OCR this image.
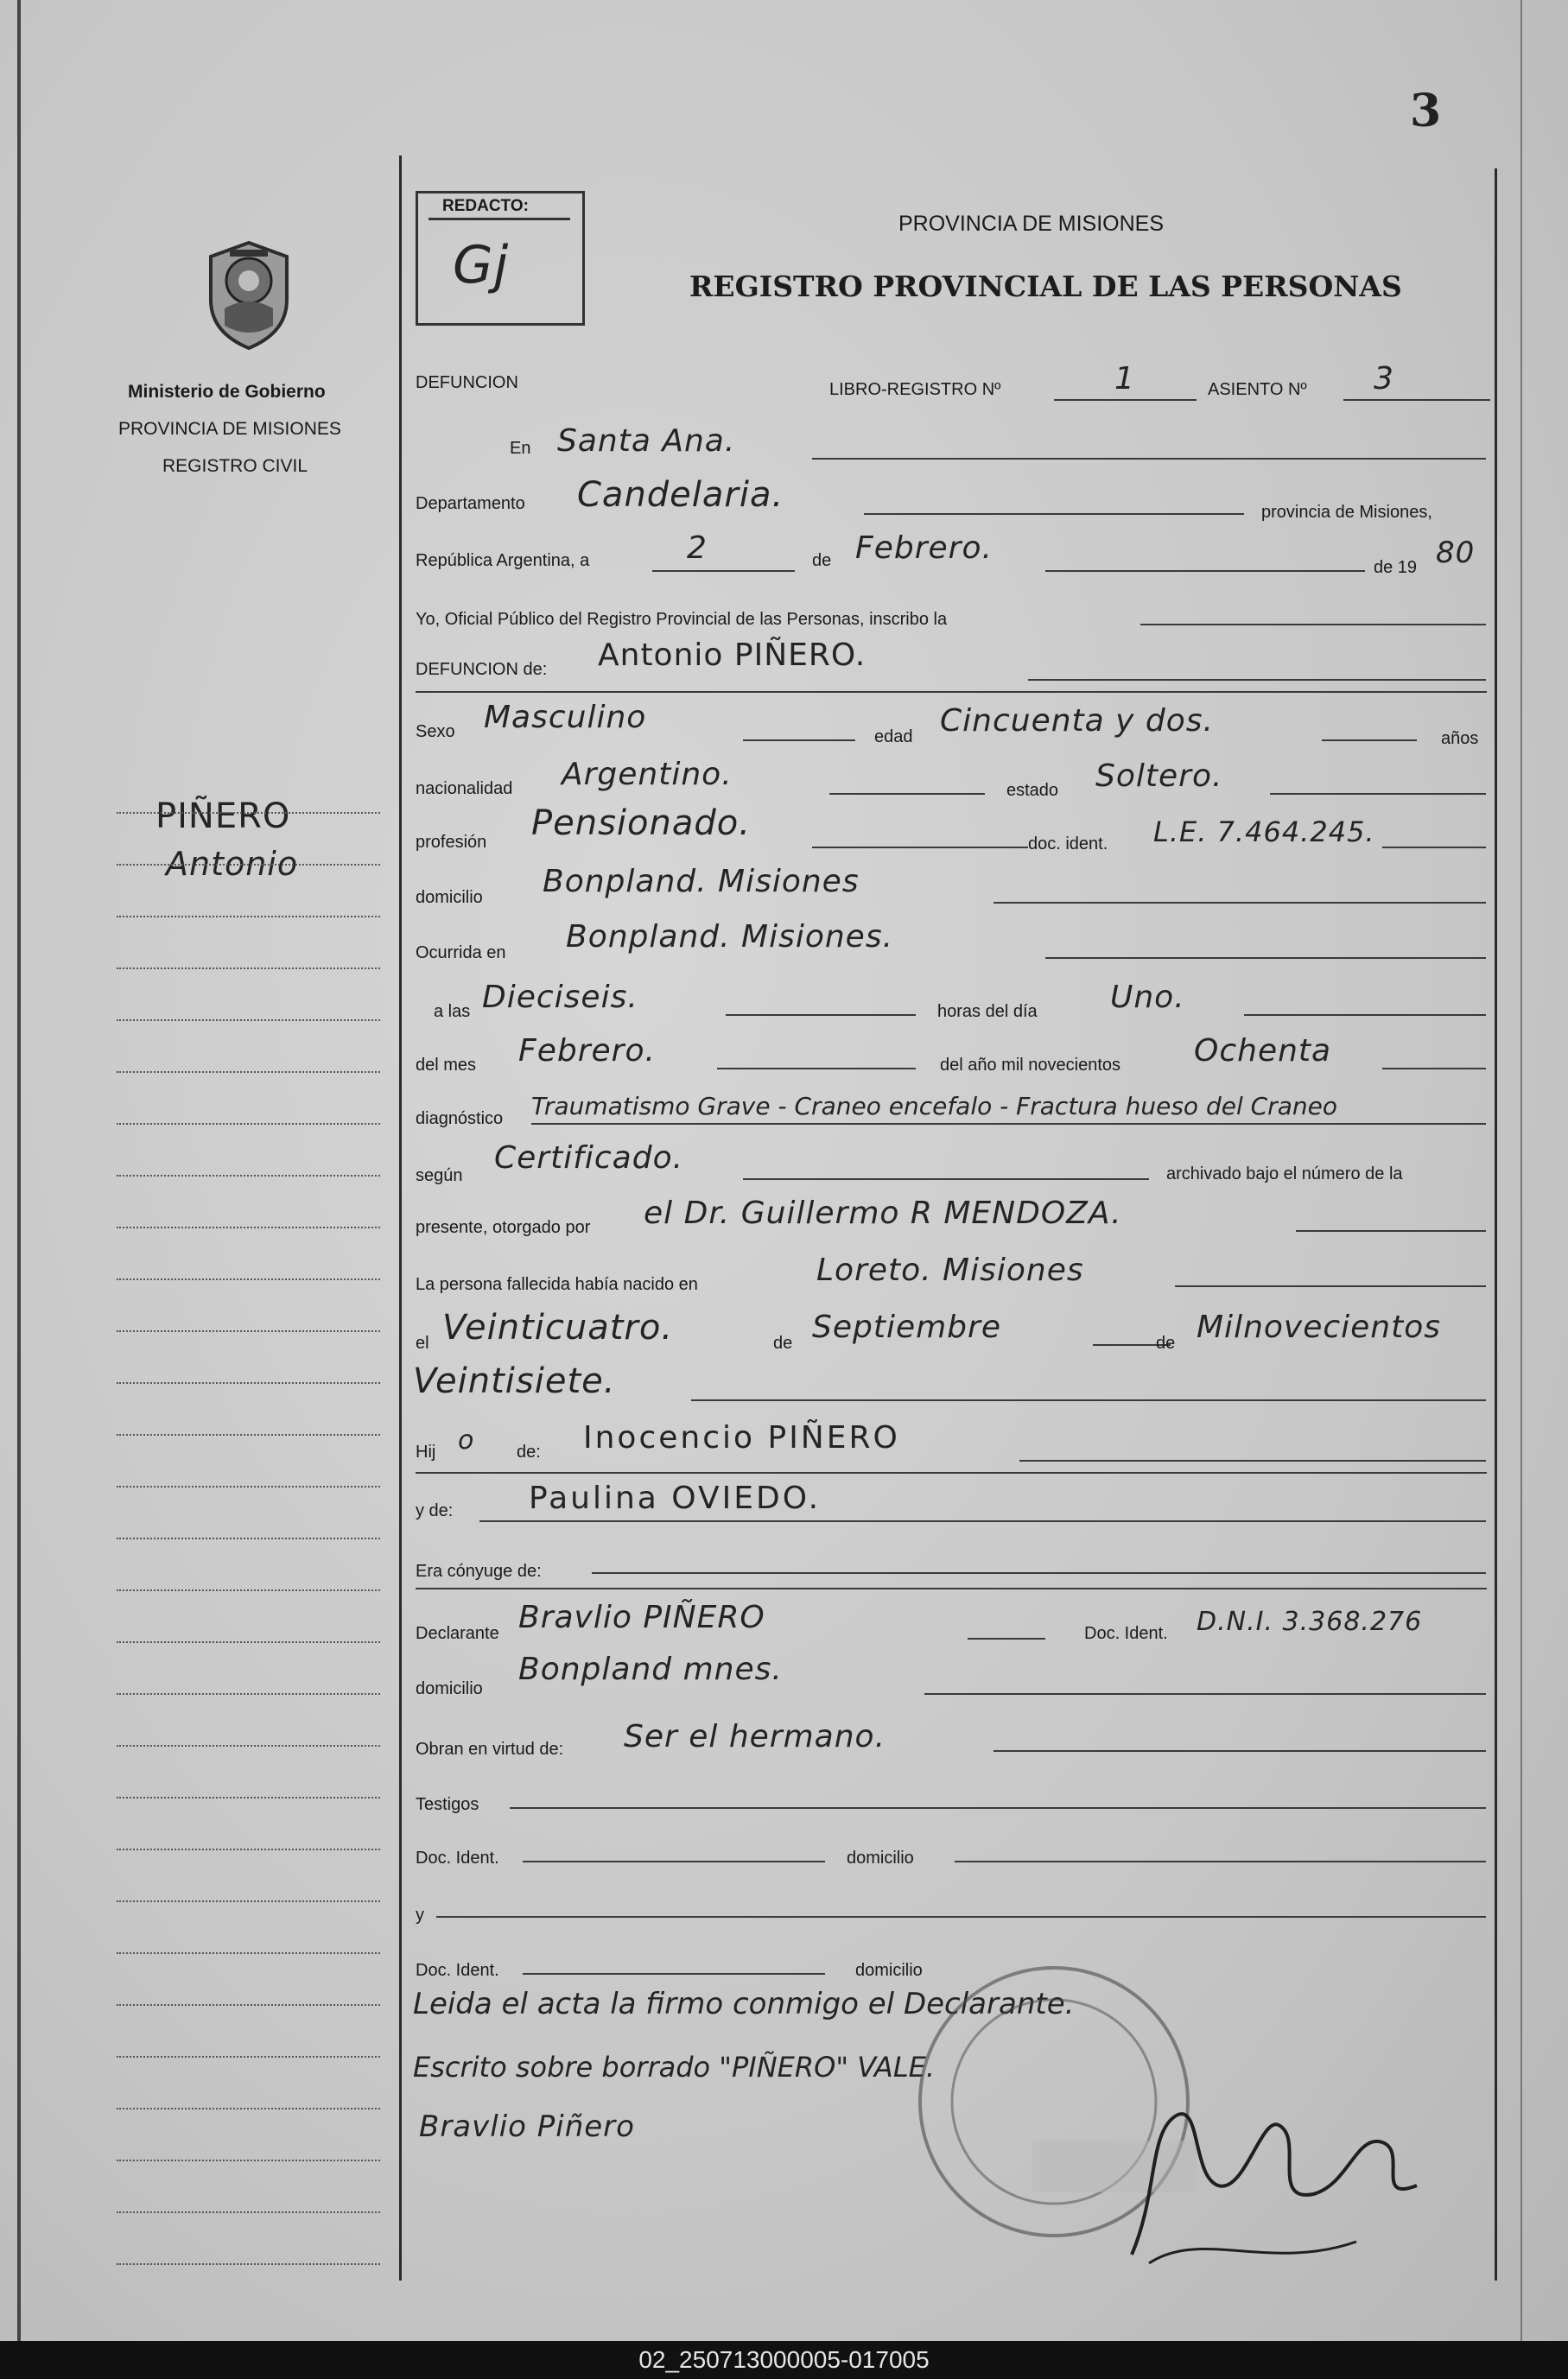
3
REDACTO:
Gj
PROVINCIA DE MISIONES
REGISTRO PROVINCIAL DE LAS PERSONAS
Ministerio de Gobierno
PROVINCIA DE MISIONES
REGISTRO CIVIL
PIÑERO
Antonio
DEFUNCION	LIBRO-REGISTRO Nº	1	ASIENTO Nº 3
En Santa Ana.
Departamento Candelaria.	provincia de Misiones,
República Argentina, a	2	de Febrero.
de 19 80
Yo, Oficial Público del Registro Provincial de las Personas, inscribo la
DEFUNCION de: Antonio PIÑERO.
Sexo Masculino
edad Cincuenta y dos.	años
nacionalidad Argentino.	estado Soltero.
profesión Pensionado.
doc. ident. L.E. 7.464.245.
domicilio Bonpland. Misiones
Ocurrida en Bonpland. Misiones.
a las Dieciseis.	horas del día Uno.
del mes Febrero.	del año mil novecientos Ochenta
diagnóstico Traumatismo Grave - Craneo encefalo - Fractura hueso del Craneo
según Certificado.	archivado bajo el número de la
presente, otorgado por el Dr. Guillermo R MENDOZA.
La persona fallecida había nacido en	Loreto. Misiones
el Veinticuatro.	de Septiembre	de Milnovecientos
Veintisiete.
Hij o de: Inocencio PIÑERO
y de: Paulina OVIEDO.
Era cónyuge de:
Declarante Bravlio PIÑERO	Doc. Ident. D.N.I. 3.368.276
domicilio
Bonpland mnes.
Obran en virtud de: Ser el hermano.
Testigos
Doc. Ident.	domicilio
y
Doc. Ident.	domicilio
Leida el acta la firmo conmigo el Declarante.
Escrito sobre borrado "PIÑERO" VALE.
Bravlio Piñero
02_250713000005-017005
